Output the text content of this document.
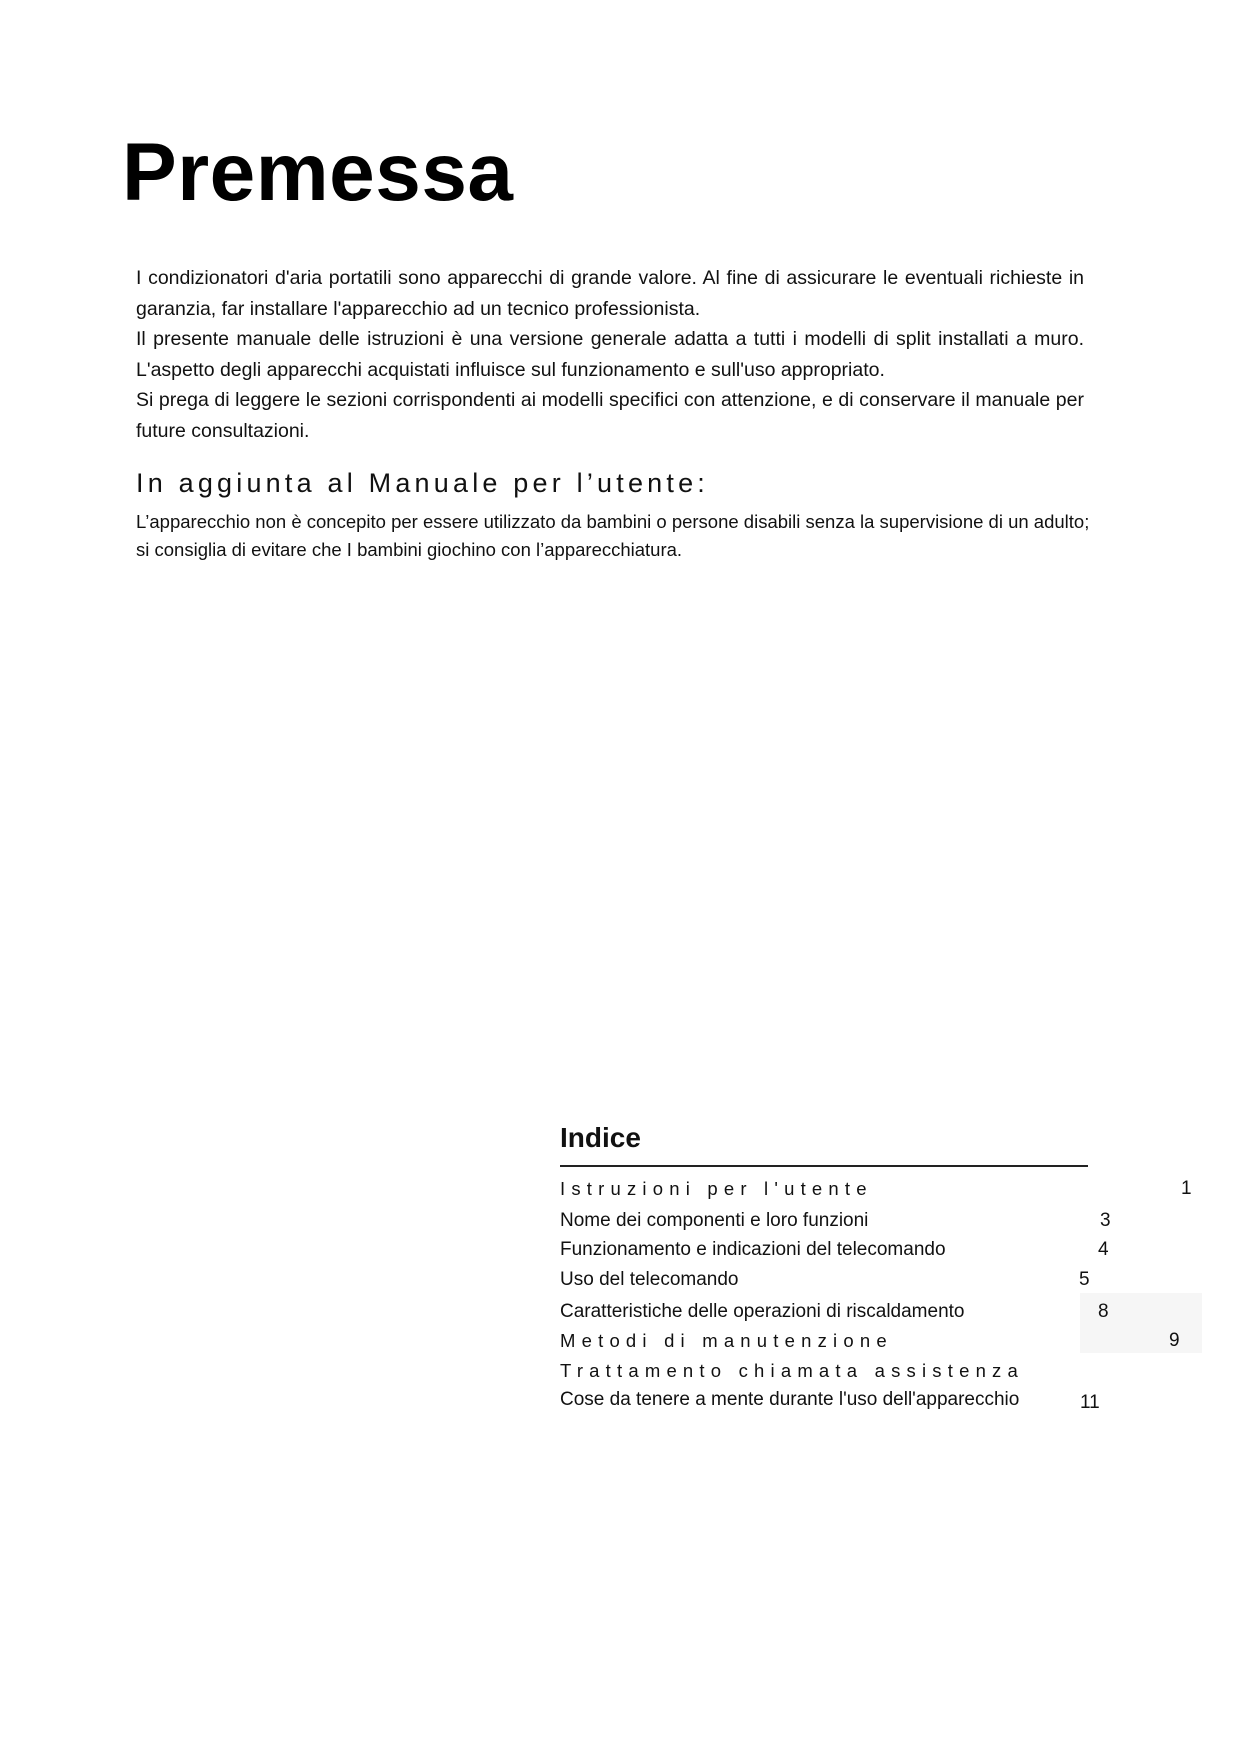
Premessa

I condizionatori d'aria portatili sono apparecchi di grande valore. Al fine di assicurare le eventuali richieste in garanzia, far installare l'apparecchio ad un tecnico professionista.

Il presente manuale delle istruzioni è una versione generale adatta a tutti i modelli di split installati a muro. L'aspetto degli apparecchi acquistati influisce sul funzionamento e sull'uso appropriato.

Si prega di leggere le sezioni corrispondenti ai modelli specifici con attenzione, e di conservare il manuale per future consultazioni.

In aggiunta al Manuale per l’utente:

L’apparecchio non è concepito per essere utilizzato da bambini o persone disabili senza la supervisione di un adulto; si consiglia di evitare che I bambini giochino con l’apparecchiatura.

Indice
Istruzioni per l'utente	1
Nome dei componenti e loro funzioni	3
Funzionamento e indicazioni del telecomando	4
Uso del telecomando	5
Caratteristiche delle operazioni di riscaldamento	8
Metodi di manutenzione	9
Trattamento chiamata assistenza
Cose da tenere a mente durante l'uso dell'apparecchio	11
